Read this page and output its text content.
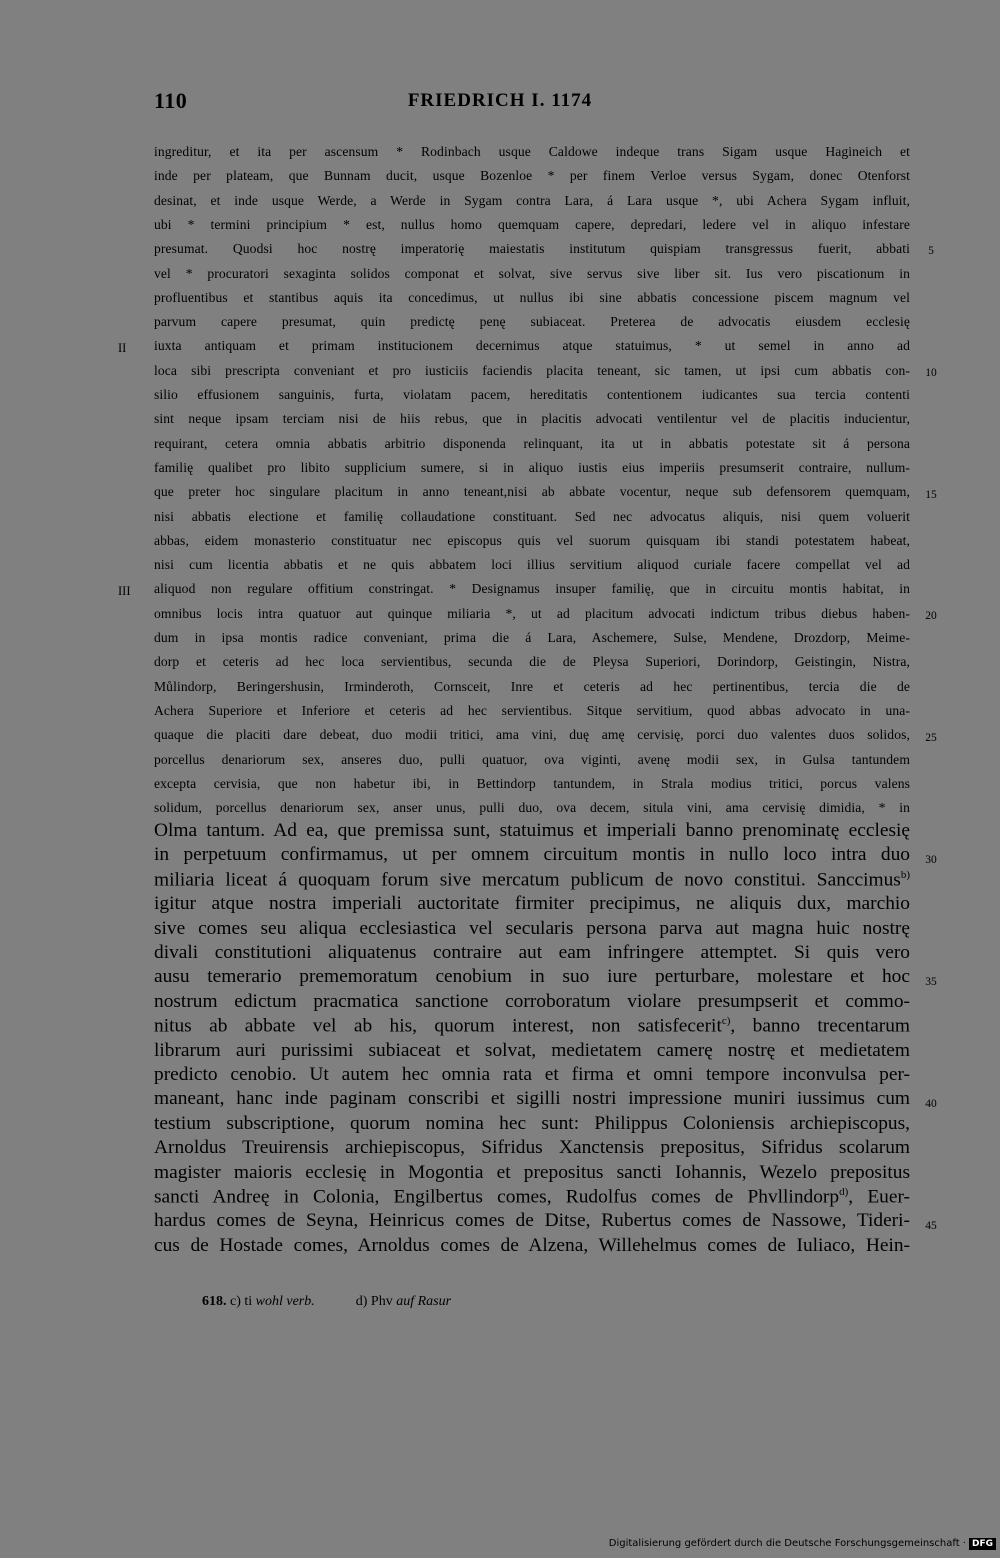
110	FRIEDRICH I. 1174
ingreditur, et ita per ascensum * Rodinbach usque Caldowe indeque trans Sigam usque Hagineich et
inde per plateam, que Bunnam ducit, usque Bozenloe * per finem Verloe versus Sygam, donec Otenforst
desinat, et inde usque Werde, a Werde in Sygam contra Lara, á Lara usque *, ubi Achera Sygam influit,
ubi * termini principium * est, nullus homo quemquam capere, depredari, ledere vel in aliquo infestare
presumat. Quodsi hoc nostrę imperatorię maiestatis institutum quispiam transgressus fuerit, abbati
vel * procuratori sexaginta solidos componat et solvat, sive servus sive liber sit. Ius vero piscationum in
profluentibus et stantibus aquis ita concedimus, ut nullus ibi sine abbatis concessione piscem magnum vel
parvum capere presumat, quin predictę penę subiaceat. Preterea de advocatis eiusdem ecclesię
iuxta antiquam et primam institucionem decernimus atque statuimus, * ut semel in anno ad
loca sibi prescripta conveniant et pro iusticiis faciendis placita teneant, sic tamen, ut ipsi cum abbatis con-
silio effusionem sanguinis, furta, violatam pacem, hereditatis contentionem iudicantes sua tercia contenti
sint neque ipsam terciam nisi de hiis rebus, que in placitis advocati ventilentur vel de placitis inducientur,
requirant, cetera omnia abbatis arbitrio disponenda relinquant, ita ut in abbatis potestate sit á persona
familię qualibet pro libito supplicium sumere, si in aliquo iustis eius imperiis presumserit contraire, nullum-
que preter hoc singulare placitum in anno teneant,nisi ab abbate vocentur, neque sub defensorem quemquam,
nisi abbatis electione et familię collaudatione constituant. Sed nec advocatus aliquis, nisi quem voluerit
abbas, eidem monasterio constituatur nec episcopus quis vel suorum quisquam ibi standi potestatem habeat,
nisi cum licentia abbatis et ne quis abbatem loci illius servitium aliquod curiale facere compellat vel ad
aliquod non regulare offitium constringat. * Designamus insuper familię, que in circuitu montis habitat, in
omnibus locis intra quatuor aut quinque miliaria *, ut ad placitum advocati indictum tribus diebus haben-
dum in ipsa montis radice conveniant, prima die á Lara, Aschemere, Sulse, Mendene, Drozdorp, Meime-
dorp et ceteris ad hec loca servientibus, secunda die de Pleysa Superiori, Dorindorp, Geistingin, Nistra,
Můlindorp, Beringershusin, Irminderoth, Cornsceit, Inre et ceteris ad hec pertinentibus, tercia die de
Achera Superiore et Inferiore et ceteris ad hec servientibus. Sitque servitium, quod abbas advocato in una-
quaque die placiti dare debeat, duo modii tritici, ama vini, duę amę cervisię, porci duo valentes duos solidos,
porcellus denariorum sex, anseres duo, pulli quatuor, ova viginti, avenę modii sex, in Gulsa tantundem
excepta cervisia, que non habetur ibi, in Bettindorp tantundem, in Strala modius tritici, porcus valens
solidum, porcellus denariorum sex, anser unus, pulli duo, ova decem, situla vini, ama cervisię dimidia, * in
Olma tantum. Ad ea, que premissa sunt, statuimus et imperiali banno prenominatę ecclesię
in perpetuum confirmamus, ut per omnem circuitum montis in nullo loco intra duo
miliaria liceat á quoquam forum sive mercatum publicum de novo constitui. Sanccimus$^{b)}$
igitur atque nostra imperiali auctoritate firmiter precipimus, ne aliquis dux, marchio
sive comes seu aliqua ecclesiastica vel secularis persona parva aut magna huic nostrę
divali constitutioni aliquatenus contraire aut eam infringere attemptet. Si quis vero
ausu temerario prememoratum cenobium in suo iure perturbare, molestare et hoc
nostrum edictum pracmatica sanctione corroboratum violare presumpserit et commo-
nitus ab abbate vel ab his, quorum interest, non satisfecerit$^{c)}$, banno trecentarum
librarum auri purissimi subiaceat et solvat, medietatem camerę nostrę et medietatem
predicto cenobio. Ut autem hec omnia rata et firma et omni tempore inconvulsa per-
maneant, hanc inde paginam conscribi et sigilli nostri impressione muniri iussimus cum
testium subscriptione, quorum nomina hec sunt: Philippus Coloniensis archiepiscopus,
Arnoldus Treuirensis archiepiscopus, Sifridus Xanctensis prepositus, Sifridus scolarum
magister maioris ecclesię in Mogontia et prepositus sancti Iohannis, Wezelo prepositus
sancti Andreę in Colonia, Engilbertus comes, Rudolfus comes de Phvllindorp$^{d)}$, Euer-
hardus comes de Seyna, Heinricus comes de Ditse, Rubertus comes de Nassowe, Tideri-
cus de Hostade comes, Arnoldus comes de Alzena, Willehelmus comes de Iuliaco, Hein-
II
III
5
10
15
20
25
30
35
40
45
618. c) ti wohl verb.	d) Phv auf Rasur
Digitalisierung gefördert durch die Deutsche Forschungsgemeinschaft · DFG
